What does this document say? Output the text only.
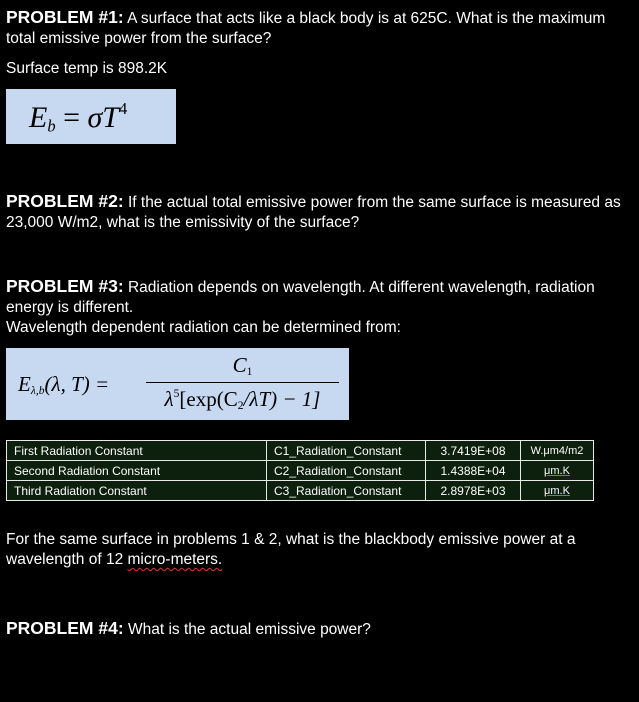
PROBLEM #1: A surface that acts like a black body is at 625C. What is the maximum total emissive power from the surface?
Surface temp is 898.2K
$E_b = \sigma T^4$
PROBLEM #2: If the actual total emissive power from the same surface is measured as 23,000 W/m2, what is the emissivity of the surface?
PROBLEM #3: Radiation depends on wavelength. At different wavelength, radiation energy is different.
Wavelength dependent radiation can be determined from:
$E_{\lambda,b}(\lambda$, T) =
$C_1$
$\lambda^5[\exp(C_2/\lambda T) - 1]$
First Radiation Constant	C1_Radiation_Constant	3.7419E+08	W.μm4/m2
Second Radiation Constant	C2_Radiation_Constant	1.4388E+04	μm.K
Third Radiation Constant	C3_Radiation_Constant	2.8978E+03	μm.K
For the same surface in problems 1 & 2, what is the blackbody emissive power at a wavelength of 12 micro-meters.
PROBLEM #4: What is the actual emissive power?
